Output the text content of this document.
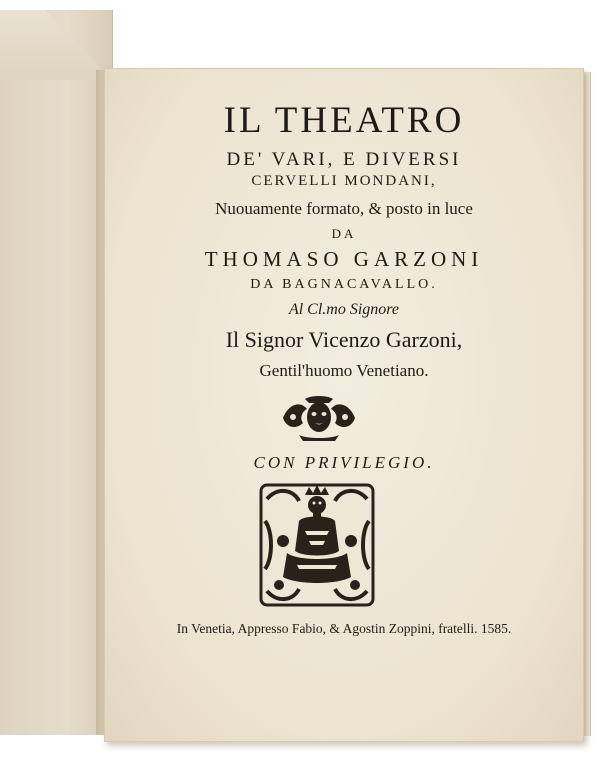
IL THEATRO
DE' VARI, E DIVERSI
CERVELLI MONDANI,
Nuouamente formato, & posto in luce
DA
THOMASO GARZONI
DA BAGNACAVALLO.
Al Cl.mo Signore
Il Signor Vicenzo Garzoni,
Gentil'huomo Venetiano.
CON PRIVILEGIO.
In Venetia, Appresso Fabio, & Agostin Zoppini, fratelli. 1585.
